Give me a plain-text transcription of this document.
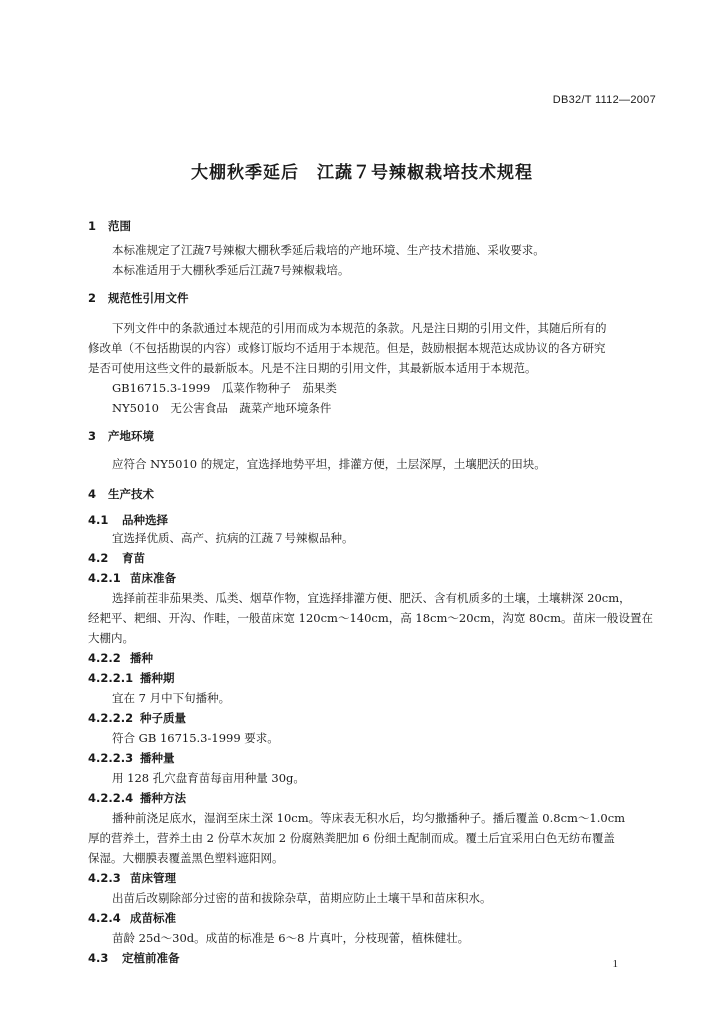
DB32/T 1112—2007
大棚秋季延后　江蔬７号辣椒栽培技术规程
1 范围
本标准规定了江蔬7号辣椒大棚秋季延后栽培的产地环境、生产技术措施、采收要求。
本标准适用于大棚秋季延后江蔬7号辣椒栽培。
2 规范性引用文件
下列文件中的条款通过本规范的引用而成为本规范的条款。凡是注日期的引用文件，其随后所有的
修改单（不包括勘误的内容）或修订版均不适用于本规范。但是，鼓励根据本规范达成协议的各方研究
是否可使用这些文件的最新版本。凡是不注日期的引用文件，其最新版本适用于本规范。
GB16715.3-1999　瓜菜作物种子　茄果类
NY5010　无公害食品　蔬菜产地环境条件
3 产地环境
应符合 NY5010 的规定，宜选择地势平坦，排灌方便，土层深厚，土壤肥沃的田块。
4 生产技术
4.1 品种选择
宜选择优质、高产、抗病的江蔬７号辣椒品种。
4.2 育苗
4.2.1 苗床准备
选择前茬非茄果类、瓜类、烟草作物，宜选择排灌方便、肥沃、含有机质多的土壤，土壤耕深 20cm，
经耙平、耙细、开沟、作畦，一般苗床宽 120cm～140cm，高 18cm～20cm，沟宽 80cm。苗床一般设置在
大棚内。
4.2.2 播种
4.2.2.1 播种期
宜在 7 月中下旬播种。
4.2.2.2 种子质量
符合 GB 16715.3-1999 要求。
4.2.2.3 播种量
用 128 孔穴盘育苗每亩用种量 30g。
4.2.2.4 播种方法
播种前浇足底水，湿润至床土深 10cm。等床表无积水后，均匀撒播种子。播后覆盖 0.8cm～1.0cm
厚的营养土，营养土由 2 份草木灰加 2 份腐熟粪肥加 6 份细土配制而成。覆土后宜采用白色无纺布覆盖
保湿。大棚膜表覆盖黑色塑料遮阳网。
4.2.3 苗床管理
出苗后改剔除部分过密的苗和拔除杂草，苗期应防止土壤干旱和苗床积水。
4.2.4 成苗标准
苗龄 25d～30d。成苗的标准是 6～8 片真叶，分枝现蕾，植株健壮。
4.3 定植前准备	1
